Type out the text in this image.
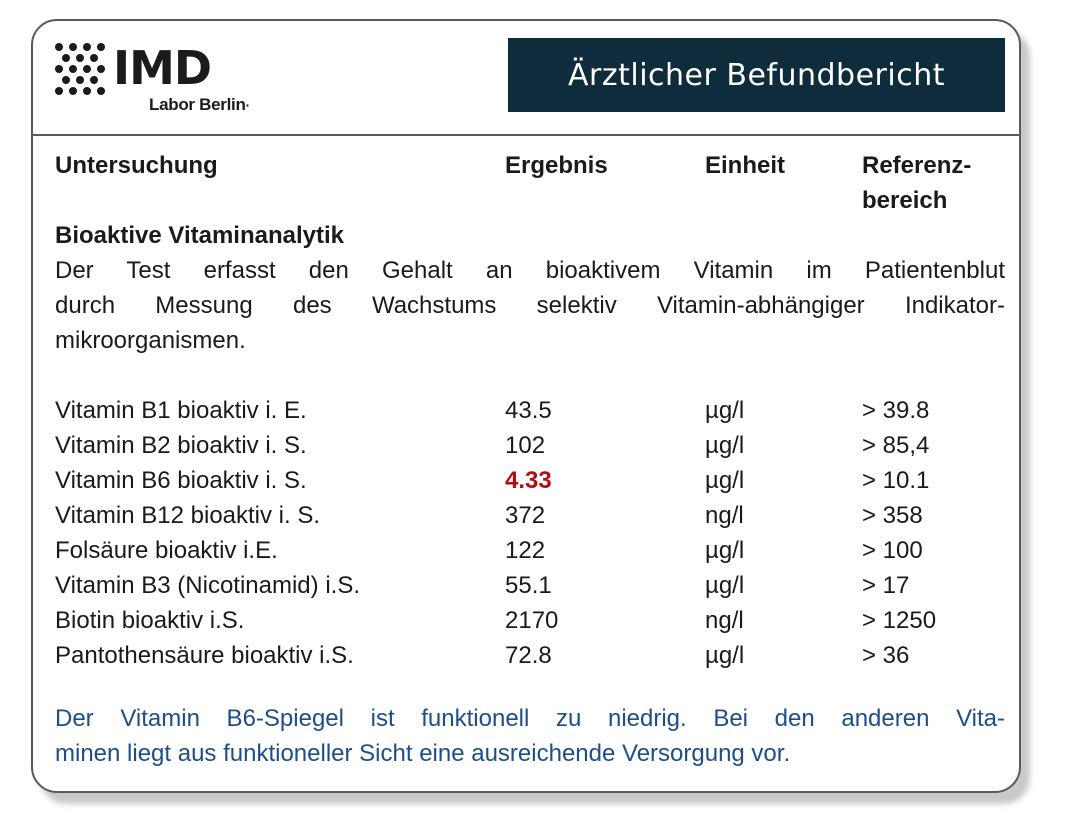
IMD
Labor Berlin ·
Ärztlicher Befundbericht
Untersuchung	Ergebnis	Einheit	Referenz-
bereich
Bioaktive Vitaminanalytik
Der Test erfasst den Gehalt an bioaktivem Vitamin im Patientenblut
durch Messung des Wachstums selektiv Vitamin-abhängiger Indikator-
mikroorganismen.
Vitamin B1 bioaktiv i. E.	43.5	µg/l	> 39.8
Vitamin B2 bioaktiv i. S.	102	µg/l	> 85,4
Vitamin B6 bioaktiv i. S.	4.33	µg/l	> 10.1
Vitamin B12 bioaktiv i. S.	372	ng/l	> 358
Folsäure bioaktiv i.E.	122	µg/l	> 100
Vitamin B3 (Nicotinamid) i.S.	55.1	µg/l	> 17
Biotin bioaktiv i.S.	2170	ng/l	> 1250
Pantothensäure bioaktiv i.S.	72.8	µg/l	> 36
Der Vitamin B6-Spiegel ist funktionell zu niedrig. Bei den anderen Vita-
minen liegt aus funktioneller Sicht eine ausreichende Versorgung vor.
